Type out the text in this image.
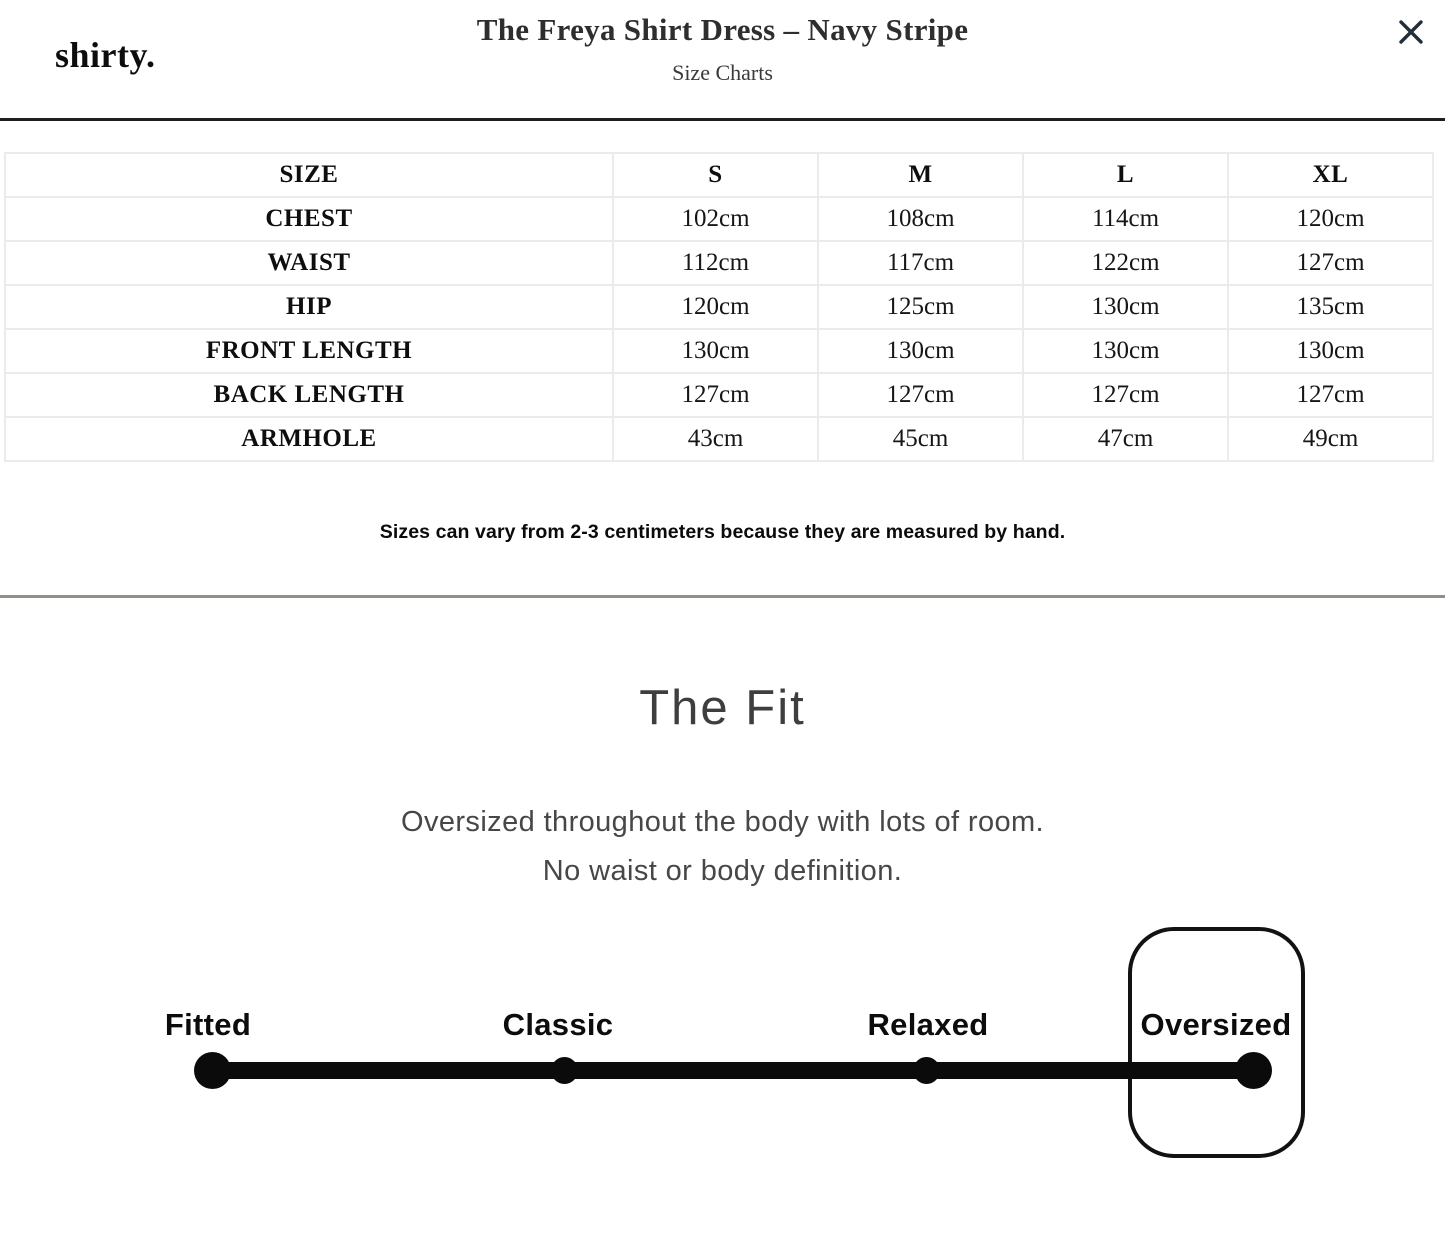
shirty.
The Freya Shirt Dress – Navy Stripe
Size Charts
SIZE	S	M	L	XL
CHEST	102cm	108cm	114cm	120cm
WAIST	112cm	117cm	122cm	127cm
HIP	120cm	125cm	130cm	135cm
FRONT LENGTH	130cm	130cm	130cm	130cm
BACK LENGTH	127cm	127cm	127cm	127cm
ARMHOLE	43cm	45cm	47cm	49cm

Sizes can vary from 2-3 centimeters because they are measured by hand.

The Fit

Oversized throughout the body with lots of room.

No waist or body definition.

Fitted	Classic	Relaxed	Oversized
